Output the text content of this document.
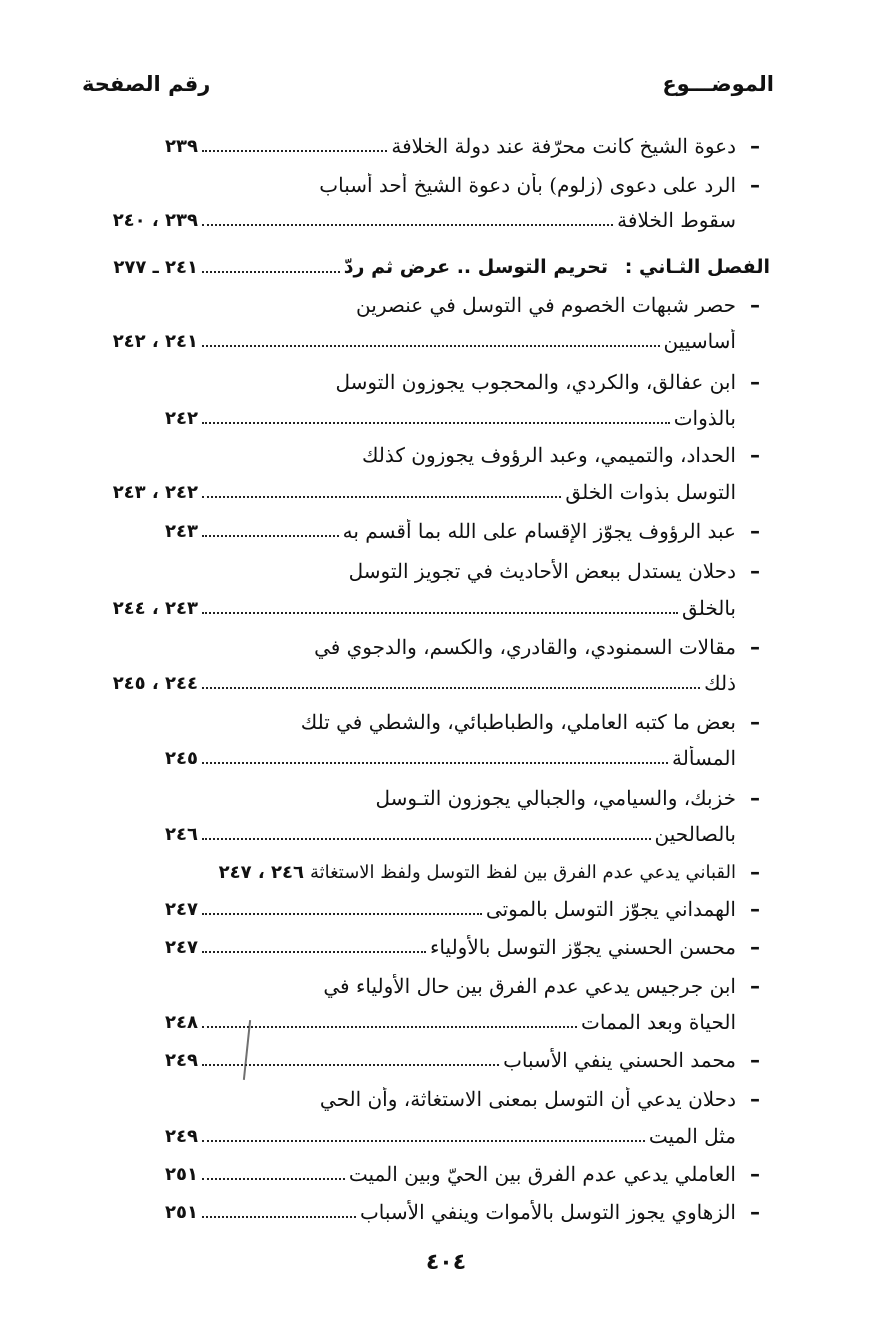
الموضـــوع
رقم الصفحة
–
دعوة الشيخ كانت محرّفة عند دولة الخلافة
٢٣٩
–
الرد على دعوى (زلوم) بأن دعوة الشيخ أحد أسباب
سقوط الخلافة
٢٣٩ ، ٢٤٠
الفصل الثـاني :
تحريم التوسل .. عرض ثم ردّ
٢٤١ ـ ٢٧٧
–
حصر شبهات الخصوم في التوسل في عنصرين
أساسيين
٢٤١ ، ٢٤٢
–
ابن عفالق، والكردي، والمحجوب يجوزون التوسل
بالذوات
٢٤٢
–
الحداد، والتميمي، وعبد الرؤوف يجوزون كذلك
التوسل بذوات الخلق
٢٤٢ ، ٢٤٣
–
عبد الرؤوف يجوّز الإقسام على الله بما أقسم به
٢٤٣
–
دحلان يستدل ببعض الأحاديث في تجويز التوسل
بالخلق
٢٤٣ ، ٢٤٤
–
مقالات السمنودي، والقادري، والكسم، والدجوي في
ذلك
٢٤٤ ، ٢٤٥
–
بعض ما كتبه العاملي، والطباطبائي، والشطي في تلك
المسألة
٢٤٥
–
خزبك، والسيامي، والجبالي يجوزون التـوسل
بالصالحين
٢٤٦
–
القباني يدعي عدم الفرق بين لفظ التوسل ولفظ الاستغاثة
٢٤٦ ، ٢٤٧
–
الهمداني يجوّز التوسل بالموتى
٢٤٧
–
محسن الحسني يجوّز التوسل بالأولياء
٢٤٧
–
ابن جرجيس يدعي عدم الفرق بين حال الأولياء في
الحياة وبعد الممات
٢٤٨
–
محمد الحسني ينفي الأسباب
٢٤٩
–
دحلان يدعي أن التوسل بمعنى الاستغاثة، وأن الحي
مثل الميت
٢٤٩
–
العاملي يدعي عدم الفرق بين الحيّ وبين الميت
٢٥١
–
الزهاوي يجوز التوسل بالأموات وينفي الأسباب
٢٥١
٤٠٤
